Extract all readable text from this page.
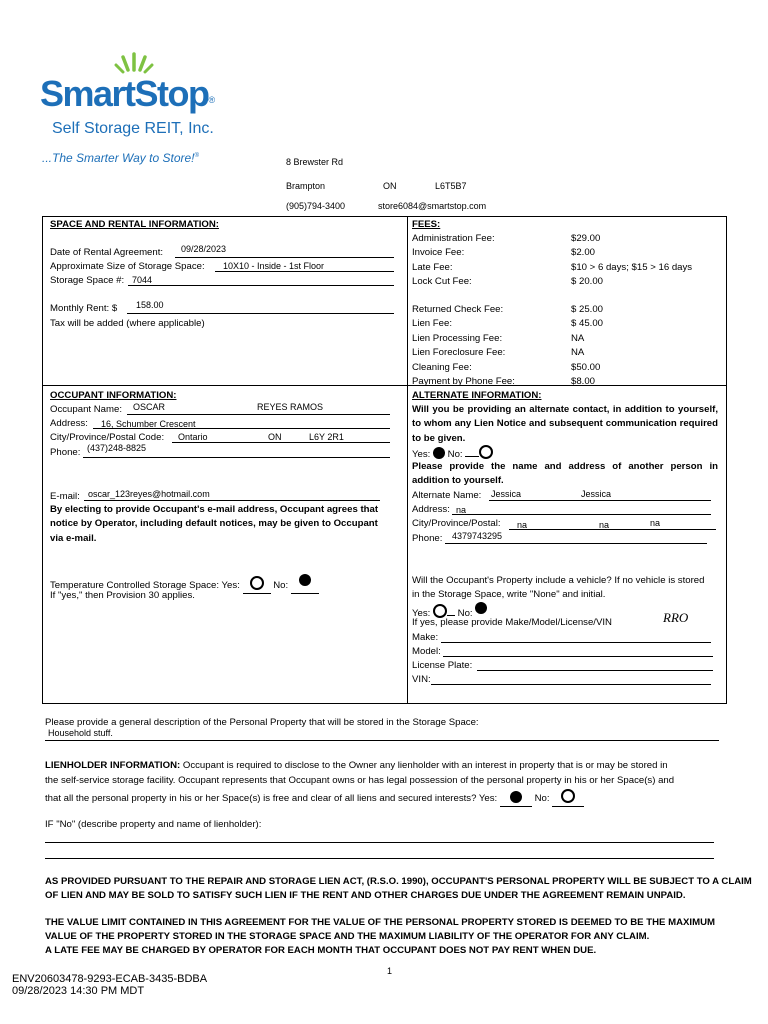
SmartStop®
Self Storage REIT, Inc.
...The Smarter Way to Store!®
8 Brewster Rd
Brampton	ON	L6T5B7
(905)794-3400	store6084@smartstop.com
SPACE AND RENTAL INFORMATION:
Date of Rental Agreement: 09/28/2023
Approximate Size of Storage Space: 10X10 - Inside - 1st Floor
Storage Space #: 7044
Monthly Rent: $ 158.00
Tax will be added (where applicable)
FEES:
Administration Fee:	$29.00
Invoice Fee:	$2.00
Late Fee:	$10 > 6 days; $15 > 16 days
Lock Cut Fee:	$ 20.00
Returned Check Fee:	$ 25.00
Lien Fee:	$ 45.00
Lien Processing Fee:	NA
Lien Foreclosure Fee:	NA
Cleaning Fee:	$50.00
Payment by Phone Fee:	$8.00
OCCUPANT INFORMATION:
Occupant Name: OSCAR	REYES RAMOS
Address: 16, Schumber Crescent
City/Province/Postal Code: Ontario	ON	L6Y 2R1
Phone: (437)248-8825
E-mail: oscar_123reyes@hotmail.com
By electing to provide Occupant's e-mail address, Occupant agrees that notice by Operator, including default notices, may be given to Occupant via e-mail.
Temperature Controlled Storage Space: Yes:	No:
If "yes," then Provision 30 applies.
ALTERNATE INFORMATION:
Will you be providing an alternate contact, in addition to yourself, to whom any Lien Notice and subsequent communication required to be given.
Yes: No:
Please provide the name and address of another person in addition to yourself.
Alternate Name: Jessica	Jessica
Address: na
City/Province/Postal: na	na	na
Phone: 4379743295
Will the Occupant's Property include a vehicle? If no vehicle is stored in the Storage Space, write "None" and initial.
Yes:	No:	RRO
If yes, please provide Make/Model/License/VIN
Make:
Model:
License Plate:
VIN:
Please provide a general description of the Personal Property that will be stored in the Storage Space:
Household stuff.
LIENHOLDER INFORMATION: Occupant is required to disclose to the Owner any lienholder with an interest in property that is or may be stored in
the self-service storage facility. Occupant represents that Occupant owns or has legal possession of the personal property in his or her Space(s) and
that all the personal property in his or her Space(s) is free and clear of all liens and secured interests? Yes:	No:
IF "No" (describe property and name of lienholder):
AS PROVIDED PURSUANT TO THE REPAIR AND STORAGE LIEN ACT, (R.S.O. 1990), OCCUPANT'S PERSONAL PROPERTY WILL BE SUBJECT TO A CLAIM
OF LIEN AND MAY BE SOLD TO SATISFY SUCH LIEN IF THE RENT AND OTHER CHARGES DUE UNDER THE AGREEMENT REMAIN UNPAID.
THE VALUE LIMIT CONTAINED IN THIS AGREEMENT FOR THE VALUE OF THE PERSONAL PROPERTY STORED IS DEEMED TO BE THE MAXIMUM
VALUE OF THE PROPERTY STORED IN THE STORAGE SPACE AND THE MAXIMUM LIABILITY OF THE OPERATOR FOR ANY CLAIM.
A LATE FEE MAY BE CHARGED BY OPERATOR FOR EACH MONTH THAT OCCUPANT DOES NOT PAY RENT WHEN DUE.
1
ENV20603478-9293-ECAB-3435-BDBA
09/28/2023 14:30 PM MDT
